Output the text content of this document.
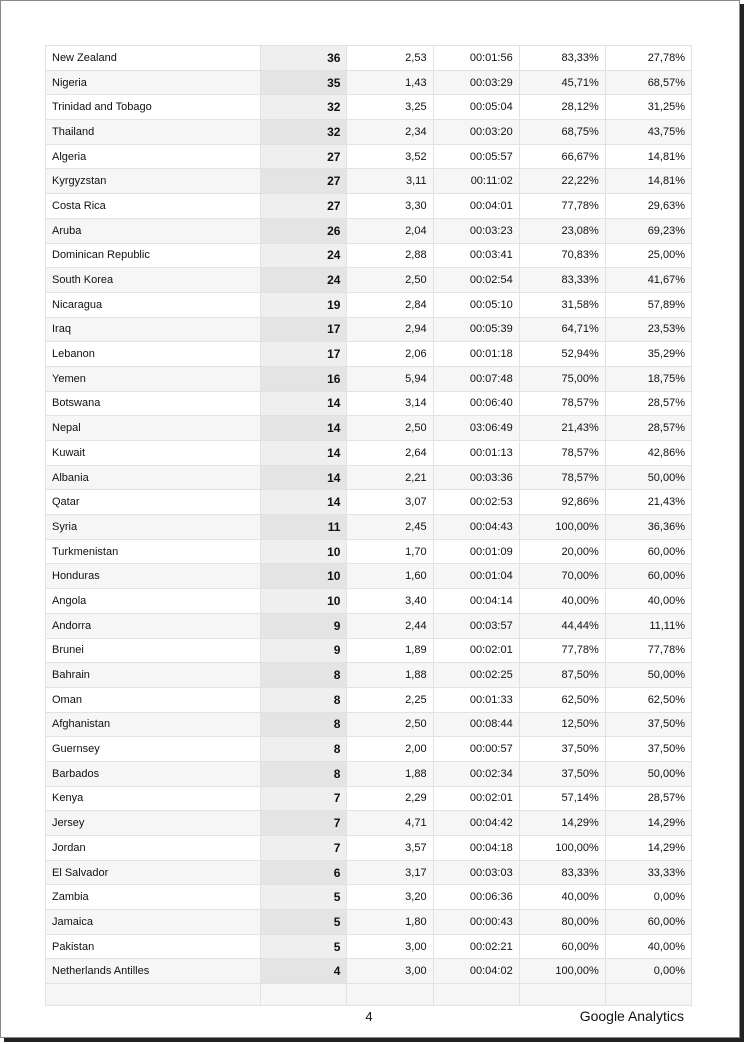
New Zealand	36	2,53	00:01:56	83,33%	27,78%
Nigeria	35	1,43	00:03:29	45,71%	68,57%
Trinidad and Tobago	32	3,25	00:05:04	28,12%	31,25%
Thailand	32	2,34	00:03:20	68,75%	43,75%
Algeria	27	3,52	00:05:57	66,67%	14,81%
Kyrgyzstan	27	3,11	00:11:02	22,22%	14,81%
Costa Rica	27	3,30	00:04:01	77,78%	29,63%
Aruba	26	2,04	00:03:23	23,08%	69,23%
Dominican Republic	24	2,88	00:03:41	70,83%	25,00%
South Korea	24	2,50	00:02:54	83,33%	41,67%
Nicaragua	19	2,84	00:05:10	31,58%	57,89%
Iraq	17	2,94	00:05:39	64,71%	23,53%
Lebanon	17	2,06	00:01:18	52,94%	35,29%
Yemen	16	5,94	00:07:48	75,00%	18,75%
Botswana	14	3,14	00:06:40	78,57%	28,57%
Nepal	14	2,50	03:06:49	21,43%	28,57%
Kuwait	14	2,64	00:01:13	78,57%	42,86%
Albania	14	2,21	00:03:36	78,57%	50,00%
Qatar	14	3,07	00:02:53	92,86%	21,43%
Syria	11	2,45	00:04:43	100,00%	36,36%
Turkmenistan	10	1,70	00:01:09	20,00%	60,00%
Honduras	10	1,60	00:01:04	70,00%	60,00%
Angola	10	3,40	00:04:14	40,00%	40,00%
Andorra	9	2,44	00:03:57	44,44%	11,11%
Brunei	9	1,89	00:02:01	77,78%	77,78%
Bahrain	8	1,88	00:02:25	87,50%	50,00%
Oman	8	2,25	00:01:33	62,50%	62,50%
Afghanistan	8	2,50	00:08:44	12,50%	37,50%
Guernsey	8	2,00	00:00:57	37,50%	37,50%
Barbados	8	1,88	00:02:34	37,50%	50,00%
Kenya	7	2,29	00:02:01	57,14%	28,57%
Jersey	7	4,71	00:04:42	14,29%	14,29%
Jordan	7	3,57	00:04:18	100,00%	14,29%
El Salvador	6	3,17	00:03:03	83,33%	33,33%
Zambia	5	3,20	00:06:36	40,00%	0,00%
Jamaica	5	1,80	00:00:43	80,00%	60,00%
Pakistan	5	3,00	00:02:21	60,00%	40,00%
Netherlands Antilles	4	3,00	00:04:02	100,00%	0,00%

4	Google Analytics
